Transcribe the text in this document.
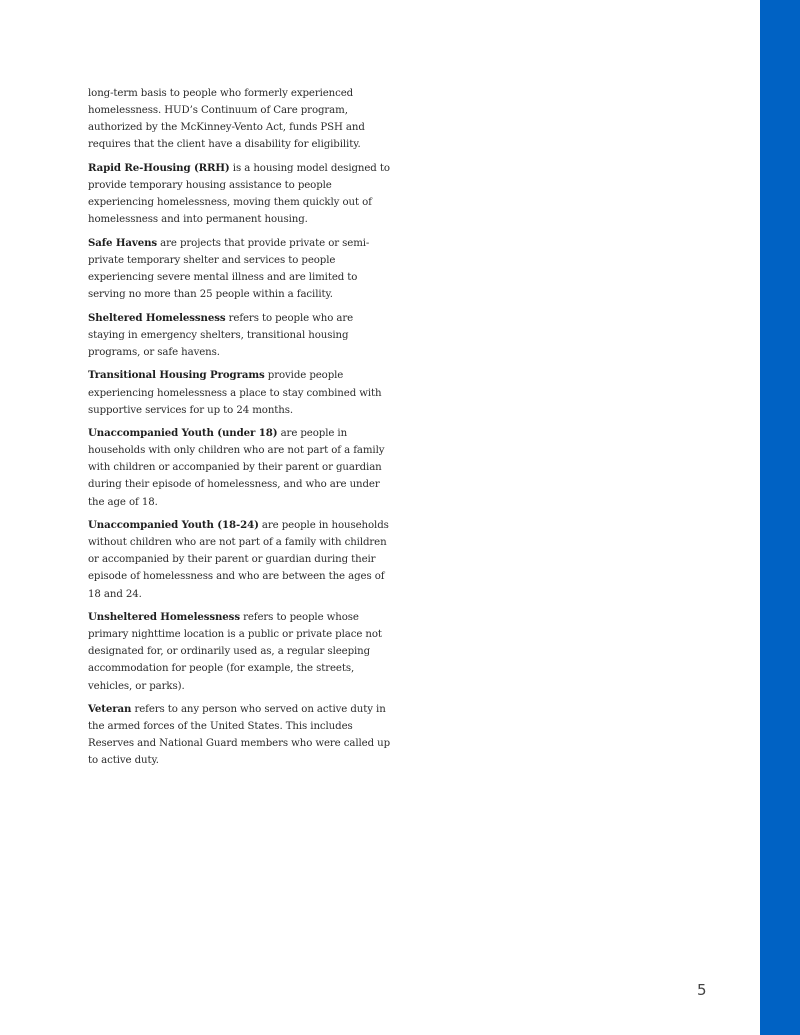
long-term basis to people who formerly experienced homelessness. HUD’s Continuum of Care program, authorized by the McKinney-Vento Act, funds PSH and requires that the client have a disability for eligibility.

Rapid Re-Housing (RRH) is a housing model designed to provide temporary housing assistance to people experiencing homelessness, moving them quickly out of homelessness and into permanent housing.

Safe Havens are projects that provide private or semi-private temporary shelter and services to people experiencing severe mental illness and are limited to serving no more than 25 people within a facility.

Sheltered Homelessness refers to people who are staying in emergency shelters, transitional housing programs, or safe havens.

Transitional Housing Programs provide people experiencing homelessness a place to stay combined with supportive services for up to 24 months.

Unaccompanied Youth (under 18) are people in households with only children who are not part of a family with children or accompanied by their parent or guardian during their episode of homelessness, and who are under the age of 18.

Unaccompanied Youth (18-24) are people in households without children who are not part of a family with children or accompanied by their parent or guardian during their episode of homelessness and who are between the ages of 18 and 24.

Unsheltered Homelessness refers to people whose primary nighttime location is a public or private place not designated for, or ordinarily used as, a regular sleeping accommodation for people (for example, the streets, vehicles, or parks).

Veteran refers to any person who served on active duty in the armed forces of the United States. This includes Reserves and National Guard members who were called up to active duty.

5
